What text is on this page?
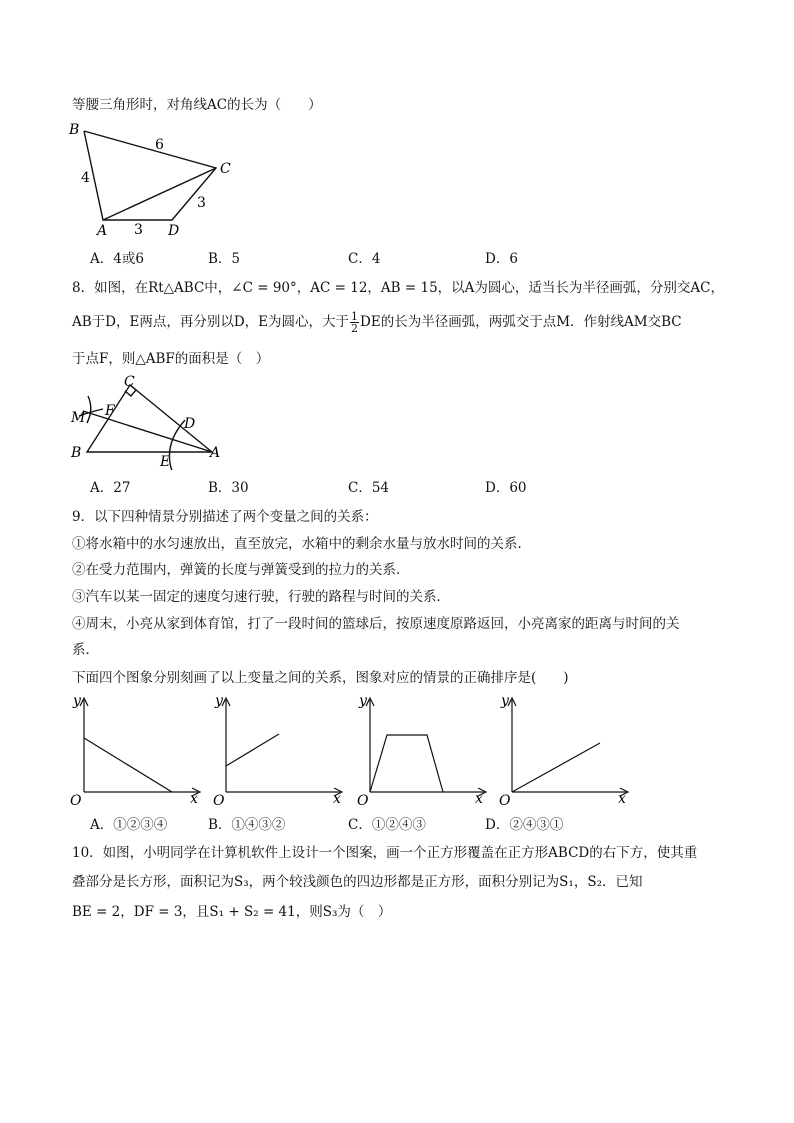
等腰三角形时，对角线AC的长为（　　）
B
C
A	D
4
6
3
3
A．4或6	B．5	C．4	D．6
8．如图，在Rt△ABC中，∠C = 90°，AC = 12，AB = 15，以A为圆心，适当长为半径画弧，分别交AC，
AB于D，E两点，再分别以D，E为圆心，大于 $\frac{1}{2}$ DE的长为半径画弧，两弧交于点M．作射线AM交BC
于点F，则△ABF的面积是（　）
C
F
M
B
E
D
A
A．27	B．30	C．54	D．60
9．以下四种情景分别描述了两个变量之间的关系：
①将水箱中的水匀速放出，直至放完，水箱中的剩余水量与放水时间的关系．
②在受力范围内，弹簧的长度与弹簧受到的拉力的关系．
③汽车以某一固定的速度匀速行驶，行驶的路程与时间的关系．
④周末，小亮从家到体育馆，打了一段时间的篮球后，按原速度原路返回，小亮离家的距离与时间的关
系．
下面四个图象分别刻画了以上变量之间的关系，图象对应的情景的正确排序是(　　)
y
O	x
y
O	x
y
O	x
y
O	x
A．①②③④	B．①④③②	C．①②④③	D．②④③①
10．如图，小明同学在计算机软件上设计一个图案，画一个正方形覆盖在正方形ABCD的右下方，使其重
叠部分是长方形，面积记为S₃，两个较浅颜色的四边形都是正方形，面积分别记为S₁，S₂．已知
BE = 2，DF = 3，且S₁ + S₂ = 41，则S₃为（　）
